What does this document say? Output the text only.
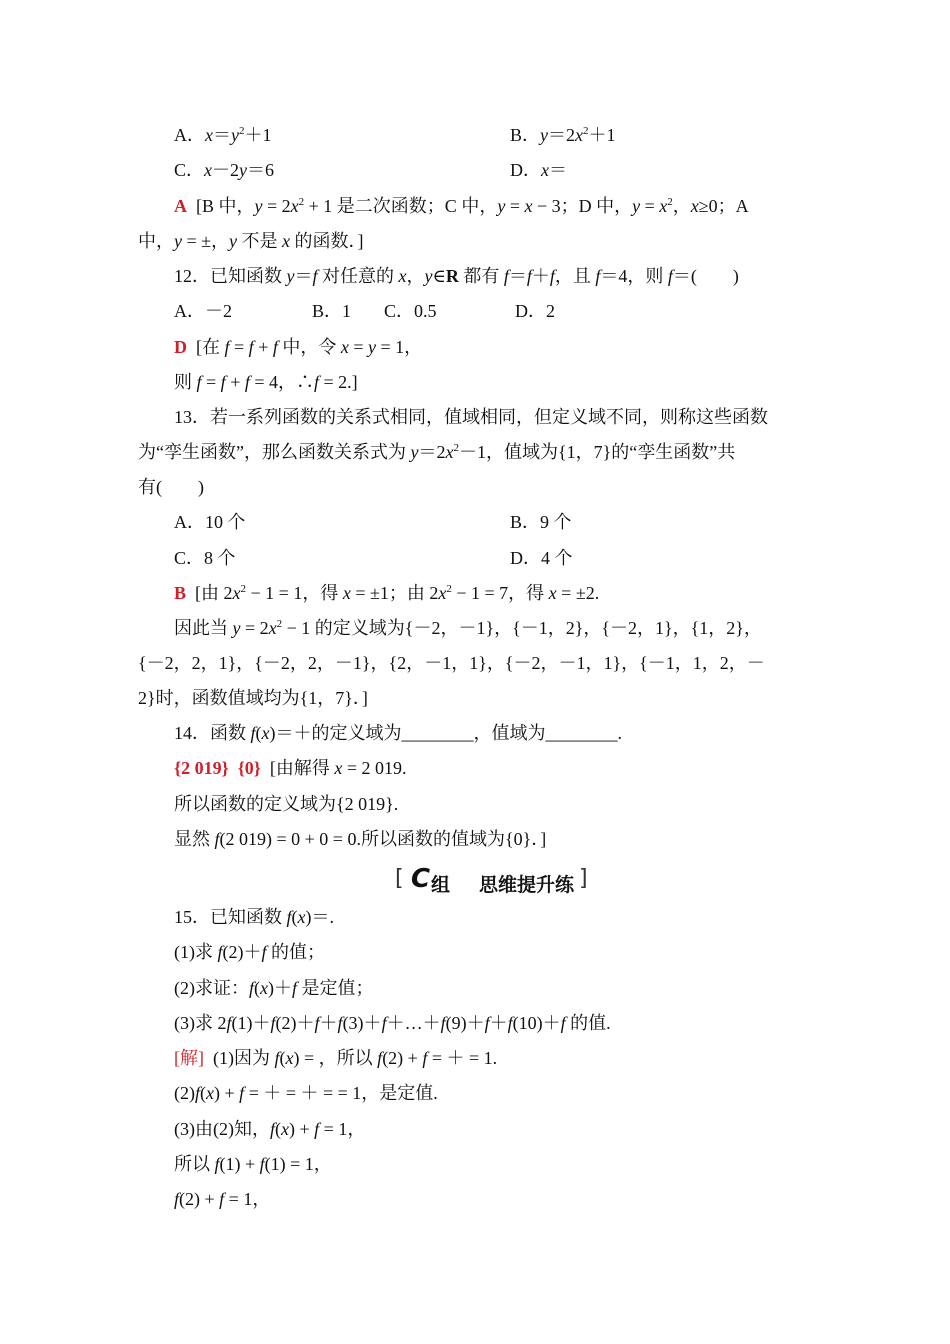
A．$x=y^2+1$	B．$y=2x^2+1$
C．x－2y＝6	D．x＝
A [B 中，$y = 2x^2 + 1$ 是二次函数；C 中，y = x − 3；D 中，$y = x^2$，x≥0；A
中，y = ±，y 不是 x 的函数．]
12．已知函数 y＝f 对任意的 x，y∈R 都有 f＝f＋f，且 f＝4，则 f＝(　　)
A．－2	B．1 C．0.5	D．2
D [在 f = f + f 中，令 x = y = 1，
则 f = f + f = 4，∴f = 2.]
13．若一系列函数的关系式相同，值域相同，但定义域不同，则称这些函数
为“孪生函数”，那么函数关系式为 $y=2x^2-1$，值域为{1，7}的“孪生函数”共
有(　　)
A．10 个	B．9 个
C．8 个	D．4 个
B [由 $2x^2 - 1 = 1$，得 x = ±1；由 $2x^2 - 1 = 7$，得 x = ±2.
因此当 $y = 2x^2 - 1$ 的定义域为{－2，－1}，{－1，2}，{－2，1}，{1，2}，
{－2，2，1}，{－2，2，－1}，{2，－1，1}，{－2，－1，1}，{－1，1，2，－
2}时，函数值域均为{1，7}．]
14．函数 f(x)＝＋的定义域为________，值域为________.
{2 019} {0} [由解得 x = 2 019.
所以函数的定义域为{2 019}.
显然 f(2 019) = 0 + 0 = 0.所以函数的值域为{0}．]
[ C 组 思维提升练 ]
15．已知函数 f(x)＝.
(1)求 f(2)＋f 的值；
(2)求证：f(x)＋f 是定值；
(3)求 2f(1)＋f(2)＋f＋f(3)＋f＋…＋f(9)＋f＋f(10)＋f 的值.
[解] (1)因为 f(x) = ，所以 f(2) + f = ＋ = 1.
(2)f(x) + f = ＋ = ＋ = = 1，是定值.
(3)由(2)知，f(x) + f = 1，
所以 f(1) + f(1) = 1，
f(2) + f = 1，
